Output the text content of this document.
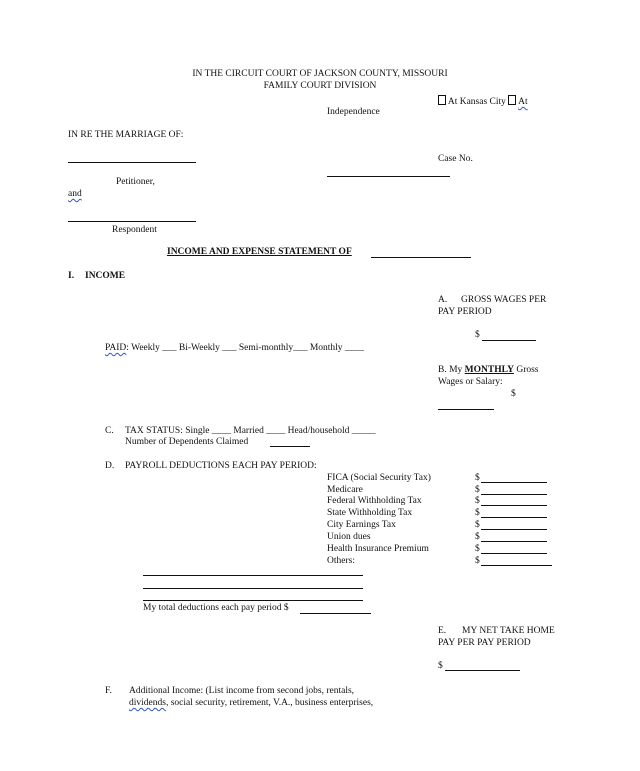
IN THE CIRCUIT COURT OF JACKSON COUNTY, MISSOURI
FAMILY COURT DIVISION
At Kansas City At
Independence
IN RE THE MARRIAGE OF:
Case No.
Petitioner,
and
Respondent
INCOME AND EXPENSE STATEMENT OF
I. INCOME
A. GROSS WAGES PER
PAY PERIOD
$
PAID: Weekly ___ Bi-Weekly ___ Semi-monthly___ Monthly ____
B. My MONTHLY Gross
Wages or Salary:
$
C. TAX STATUS: Single ____ Married ____ Head/household _____
Number of Dependents Claimed
D. PAYROLL DEDUCTIONS EACH PAY PERIOD:
FICA (Social Security Tax)
Medicare
Federal Withholding Tax
State Withholding Tax
City Earnings Tax
Union dues
Health Insurance Premium
Others:
$
$
$
$
$
$
$
$
My total deductions each pay period $
E. MY NET TAKE HOME
PAY PER PAY PERIOD
$
F. Additional Income: (List income from second jobs, rentals,
dividends, social security, retirement, V.A., business enterprises,
